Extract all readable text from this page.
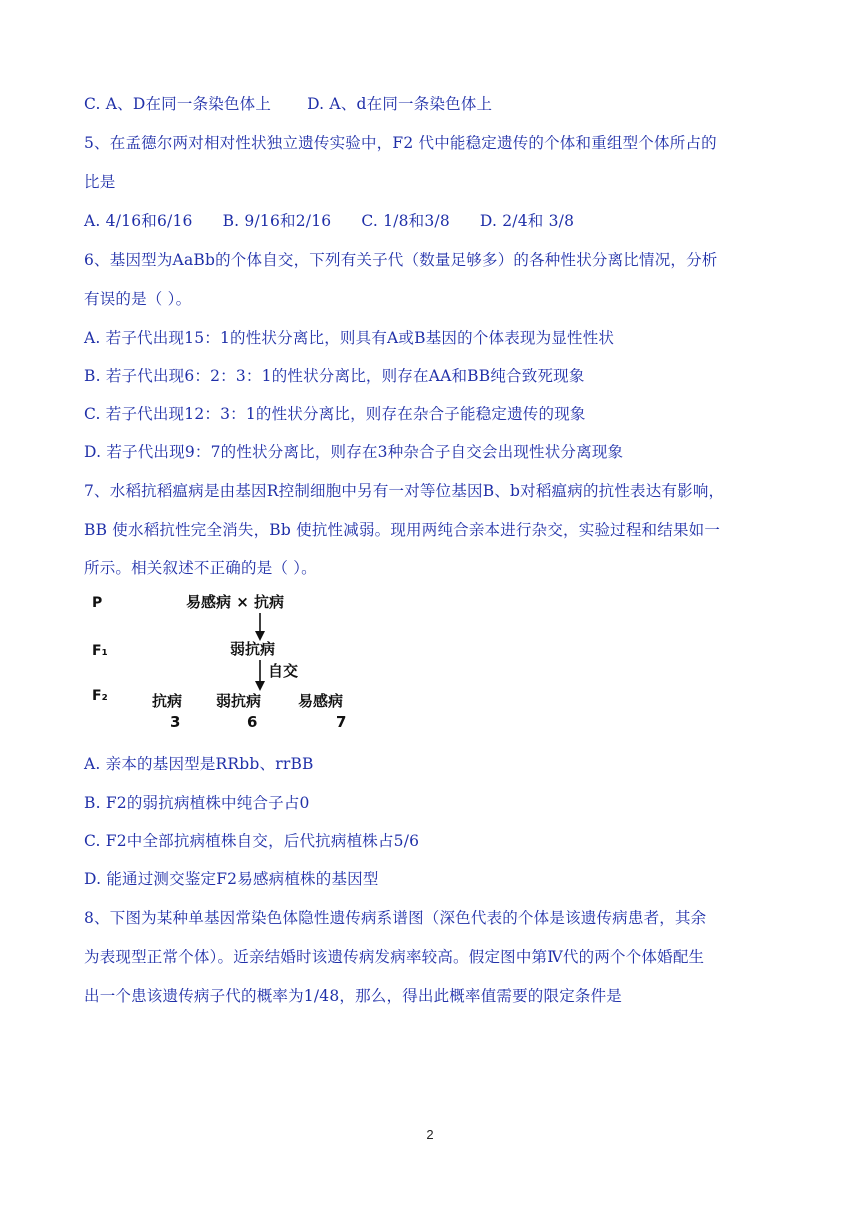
C. A、D在同一条染色体上 D. A、d在同一条染色体上
5、在孟德尔两对相对性状独立遗传实验中，F2 代中能稳定遗传的个体和重组型个体所占的
比是
A. 4/16和6/16 B. 9/16和2/16 C. 1/8和3/8 D. 2/4和 3/8
6、基因型为AaBb的个体自交，下列有关子代（数量足够多）的各种性状分离比情况，分析
有误的是（ ）。
A. 若子代出现15：1的性状分离比，则具有A或B基因的个体表现为显性性状
B. 若子代出现6：2：3：1的性状分离比，则存在AA和BB纯合致死现象
C. 若子代出现12：3：1的性状分离比，则存在杂合子能稳定遗传的现象
D. 若子代出现9：7的性状分离比，则存在3种杂合子自交会出现性状分离现象
7、水稻抗稻瘟病是由基因R控制细胞中另有一对等位基因B、b对稻瘟病的抗性表达有影响，
BB 使水稻抗性完全消失，Bb 使抗性减弱。现用两纯合亲本进行杂交，实验过程和结果如一
所示。相关叙述不正确的是（ ）。
P	易感病 × 抗病
F₁	弱抗病
自交
F₂	抗病 弱抗病 易感病
3	6	7
A. 亲本的基因型是RRbb、rrBB
B. F2的弱抗病植株中纯合子占0
C. F2中全部抗病植株自交，后代抗病植株占5/6
D. 能通过测交鉴定F2易感病植株的基因型
8、下图为某种单基因常染色体隐性遗传病系谱图（深色代表的个体是该遗传病患者，其余
为表现型正常个体）。近亲结婚时该遗传病发病率较高。假定图中第Ⅳ代的两个个体婚配生
出一个患该遗传病子代的概率为1/48，那么，得出此概率值需要的限定条件是
2
